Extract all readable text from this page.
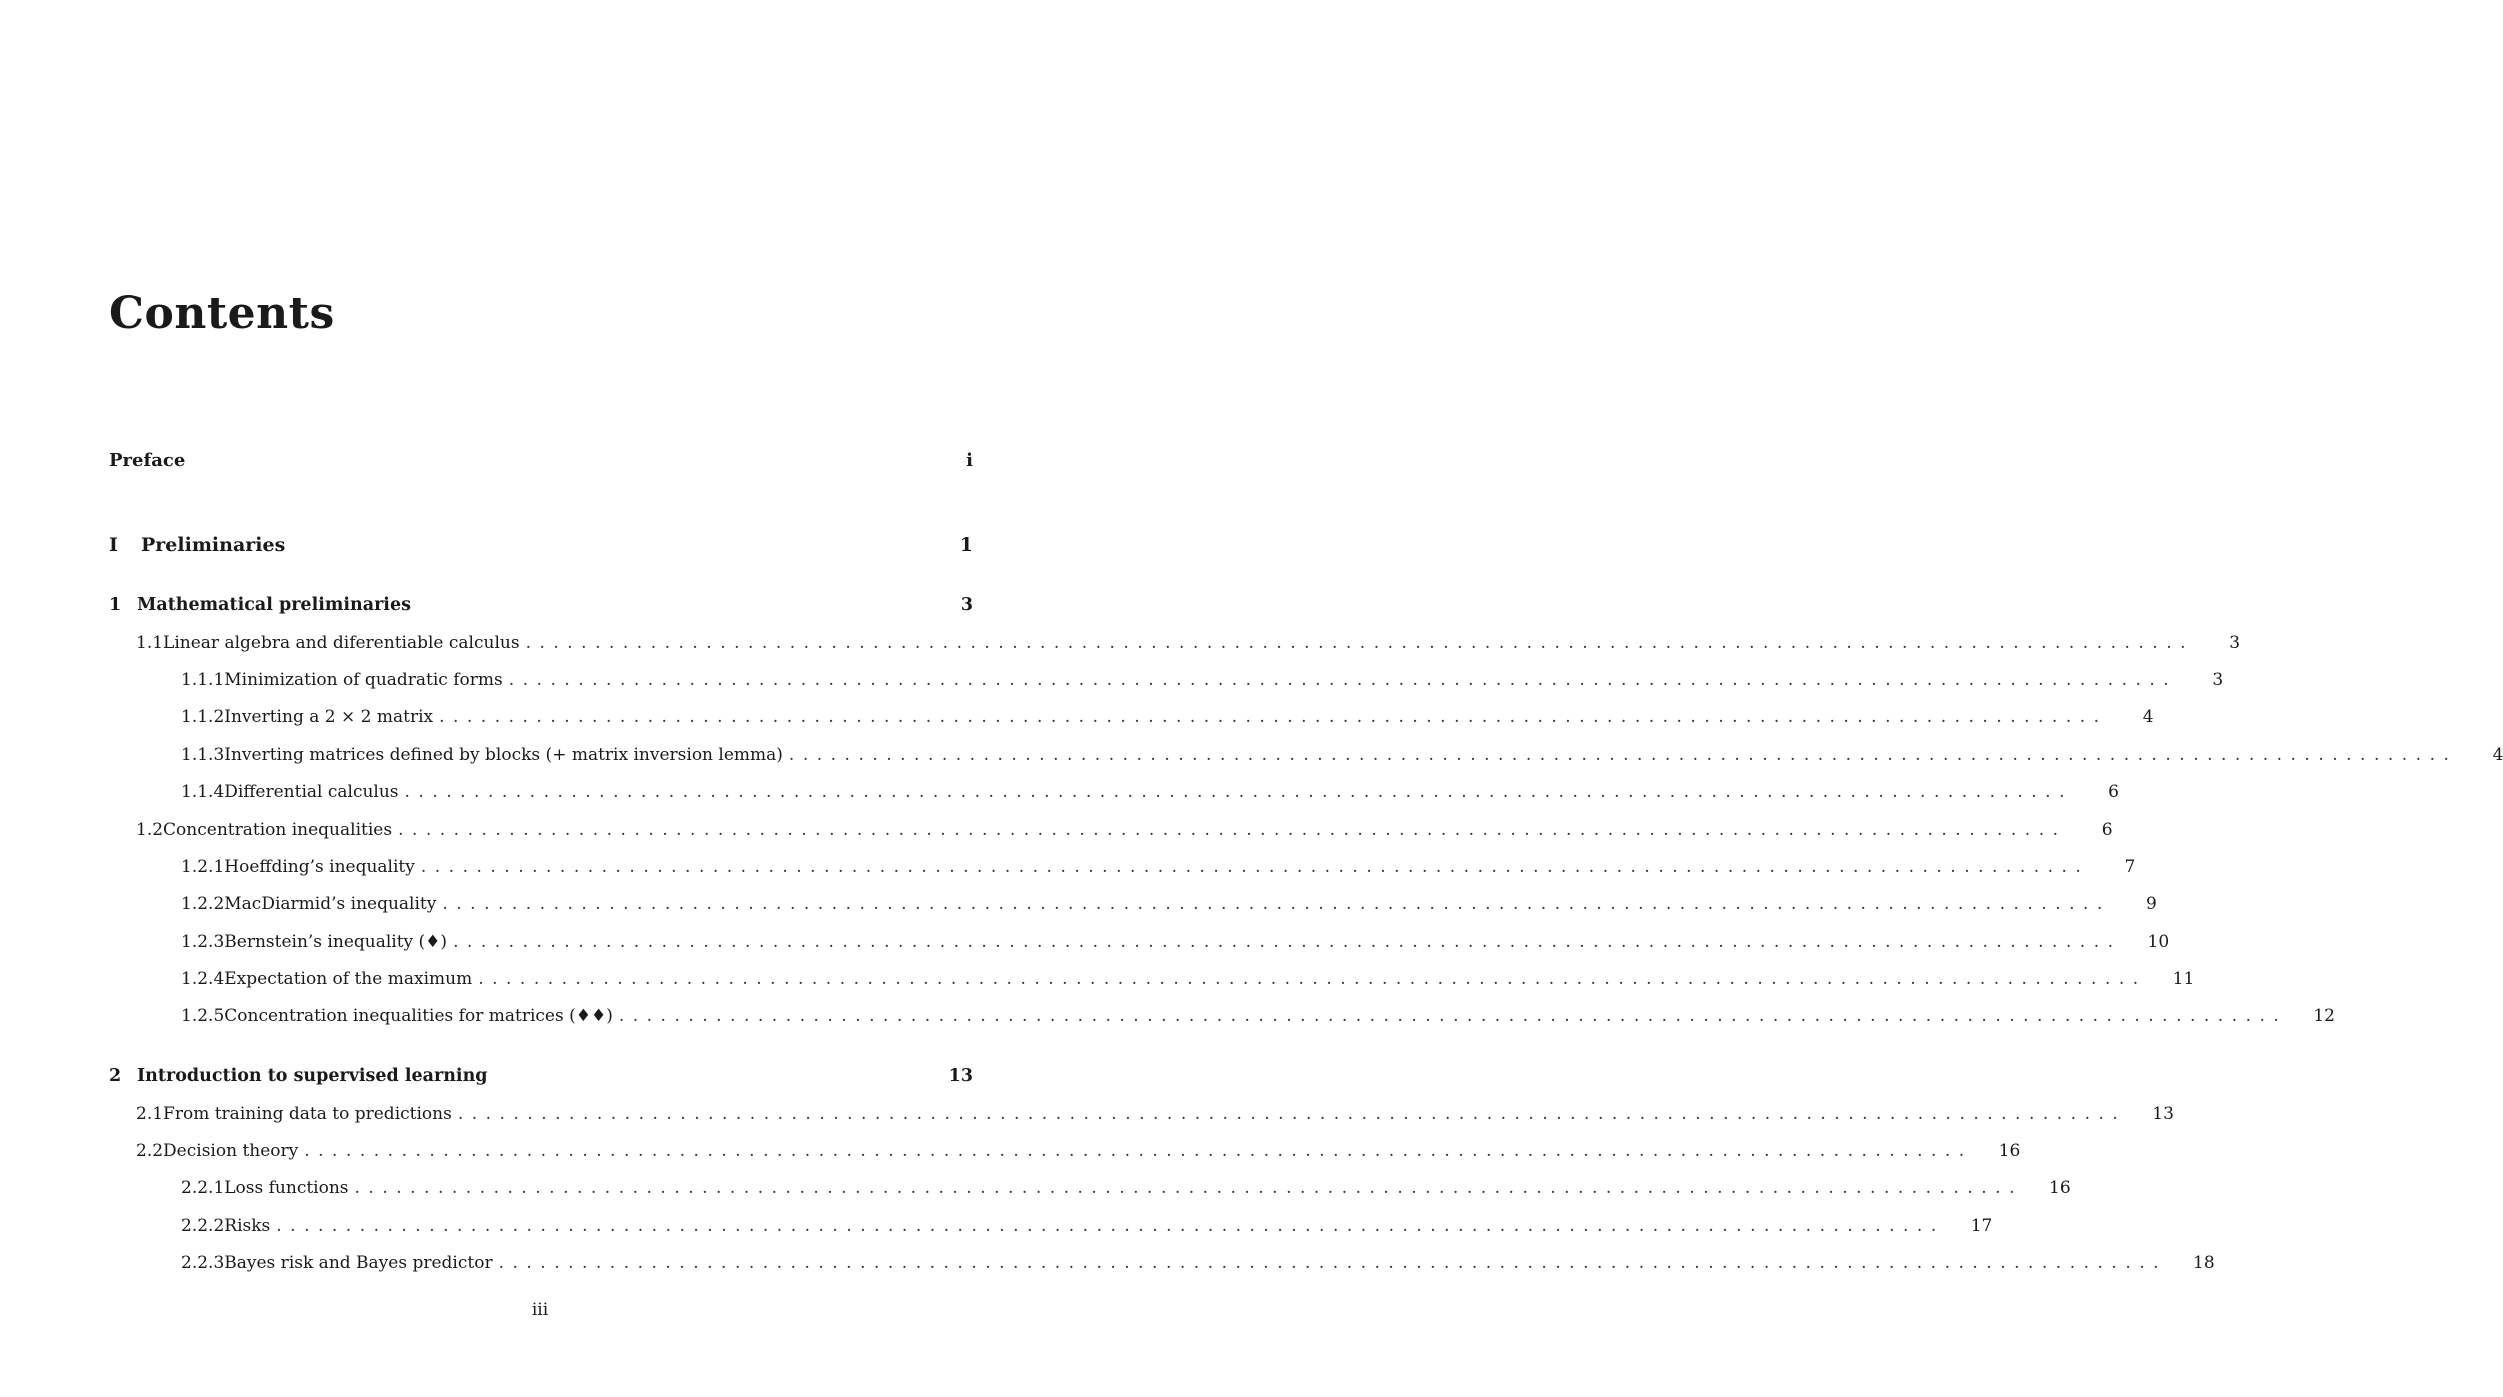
Contents
Preface	i
I	Preliminaries	1
1 Mathematical preliminaries	3
1.1 Linear algebra and diferentiable calculus ........................................................................................................................	3
1.1.1 Minimization of quadratic forms ........................................................................................................................	3
1.1.2 Inverting a 2 × 2 matrix ........................................................................................................................	4
1.1.3 Inverting matrices defined by blocks (+ matrix inversion lemma) ........................................................................................................................	4
1.1.4 Differential calculus ........................................................................................................................	6
1.2 Concentration inequalities ........................................................................................................................	6
1.2.1 Hoeffding’s inequality ........................................................................................................................	7
1.2.2 MacDiarmid’s inequality ........................................................................................................................	9
1.2.3 Bernstein’s inequality (♦) ........................................................................................................................ 10
1.2.4 Expectation of the maximum ........................................................................................................................ 11
1.2.5 Concentration inequalities for matrices (♦♦) ........................................................................................................................ 12
2 Introduction to supervised learning	13
2.1 From training data to predictions ........................................................................................................................ 13
2.2 Decision theory ........................................................................................................................ 16
2.2.1 Loss functions ........................................................................................................................ 16
2.2.2 Risks ........................................................................................................................ 17
2.2.3 Bayes risk and Bayes predictor ........................................................................................................................ 18
iii
